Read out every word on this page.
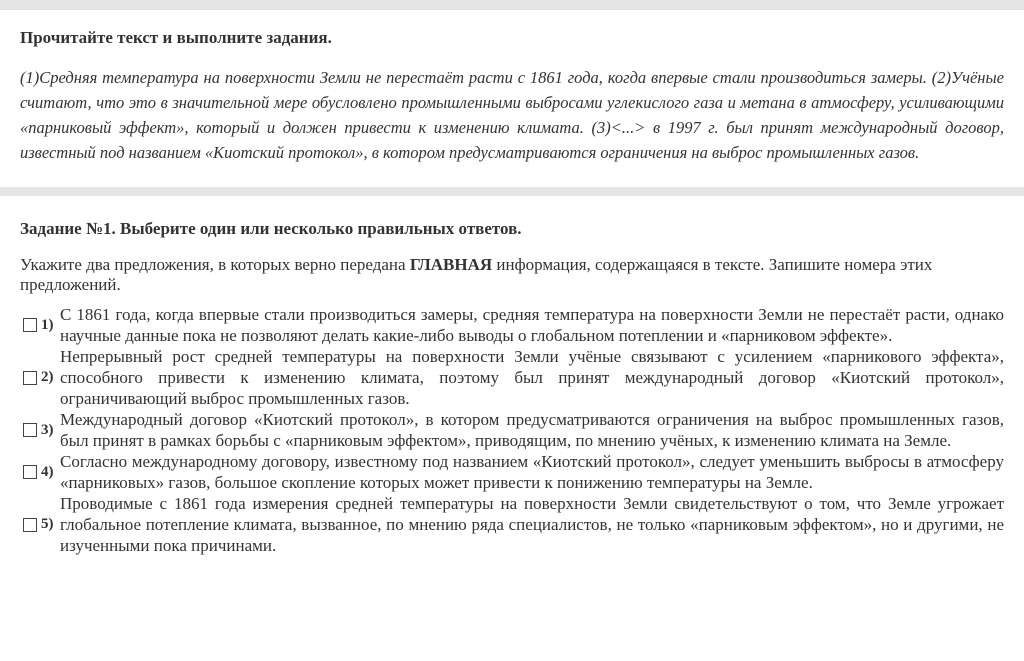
Прочитайте текст и выполните задания.

(1)Средняя температура на поверхности Земли не перестаёт расти с 1861 года, когда впервые стали производиться замеры. (2)Учёные считают, что это в значительной мере обусловлено промышленными выбросами углекислого газа и метана в атмосферу, усиливающими «парниковый эффект», который и должен привести к изменению климата. (3)<...> в 1997 г. был принят международный договор, известный под названием «Киотский протокол», в котором предусматриваются ограничения на выброс промышленных газов.

Задание №1. Выберите один или несколько правильных ответов.

Укажите два предложения, в которых верно передана ГЛАВНАЯ информация, содержащаяся в тексте. Запишите номера этих предложений.

1)
С 1861 года, когда впервые стали производиться замеры, средняя температура на поверхности Земли не перестаёт расти, однако научные данные пока не позволяют делать какие-либо выводы о глобальном потеплении и «парниковом эффекте».
2)
Непрерывный рост средней температуры на поверхности Земли учёные связывают с усилением «парникового эффекта», способного привести к изменению климата, поэтому был принят международный договор «Киотский протокол», ограничивающий выброс промышленных газов.
3)
Международный договор «Киотский протокол», в котором предусматриваются ограничения на выброс промышленных газов, был принят в рамках борьбы с «парниковым эффектом», приводящим, по мнению учёных, к изменению климата на Земле.
4)
Согласно международному договору, известному под названием «Киотский протокол», следует уменьшить выбросы в атмосферу «парниковых» газов, большое скопление которых может привести к понижению температуры на Земле.
5)
Проводимые с 1861 года измерения средней температуры на поверхности Земли свидетельствуют о том, что Земле угрожает глобальное потепление климата, вызванное, по мнению ряда специалистов, не только «парниковым эффектом», но и другими, не изученными пока причинами.
